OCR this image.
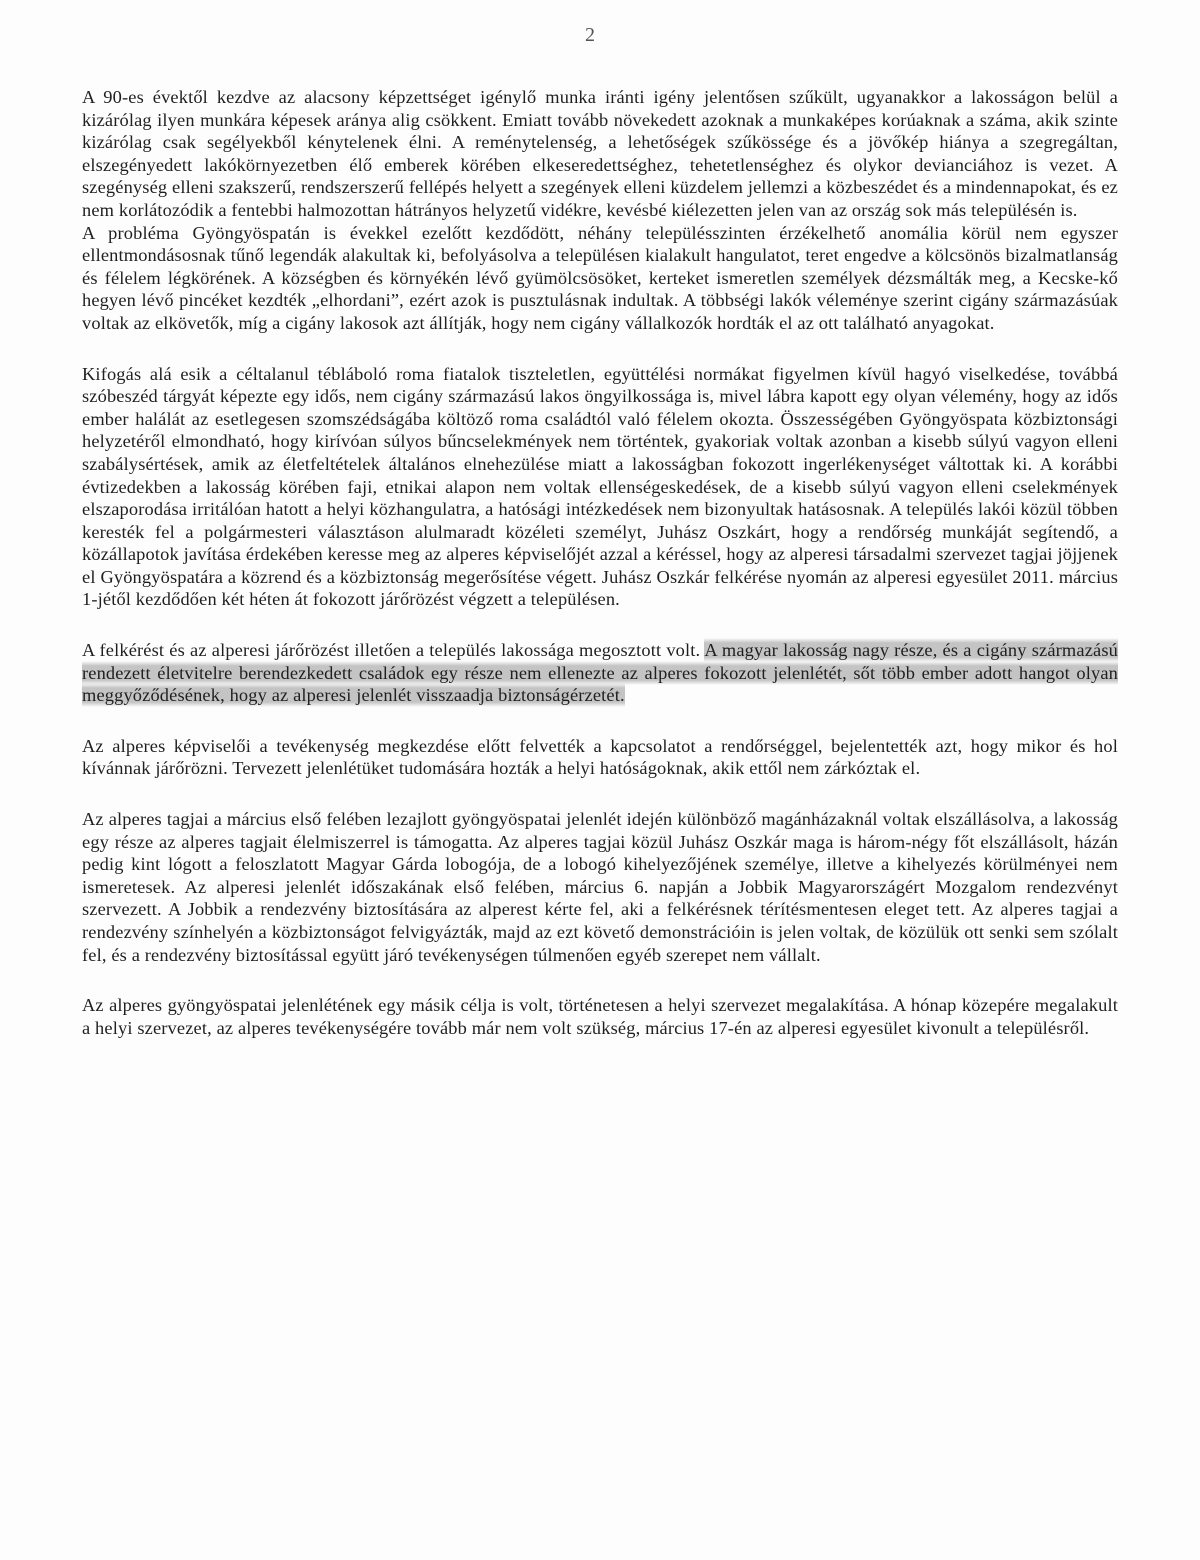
2

A 90-es évektől kezdve az alacsony képzettséget igénylő munka iránti igény jelentősen szűkült, ugyanakkor a lakosságon belül a kizárólag ilyen munkára képesek aránya alig csökkent. Emiatt tovább növekedett azoknak a munkaképes korúaknak a száma, akik szinte kizárólag csak segélyekből kénytelenek élni. A reménytelenség, a lehetőségek szűkössége és a jövőkép hiánya a szegregáltan, elszegényedett lakókörnyezetben élő emberek körében elkeseredettséghez, tehetetlenséghez és olykor devianciához is vezet. A szegénység elleni szakszerű, rendszerszerű fellépés helyett a szegények elleni küzdelem jellemzi a közbeszédet és a mindennapokat, és ez nem korlátozódik a fentebbi halmozottan hátrányos helyzetű vidékre, kevésbé kiélezetten jelen van az ország sok más településén is.

A probléma Gyöngyöspatán is évekkel ezelőtt kezdődött, néhány településszinten érzékelhető anomália körül nem egyszer ellentmondásosnak tűnő legendák alakultak ki, befolyásolva a településen kialakult hangulatot, teret engedve a kölcsönös bizalmatlanság és félelem légkörének. A községben és környékén lévő gyümölcsösöket, kerteket ismeretlen személyek dézsmálták meg, a Kecske-kő hegyen lévő pincéket kezdték „elhordani”, ezért azok is pusztulásnak indultak. A többségi lakók véleménye szerint cigány származásúak voltak az elkövetők, míg a cigány lakosok azt állítják, hogy nem cigány vállalkozók hordták el az ott található anyagokat.

Kifogás alá esik a céltalanul tébláboló roma fiatalok tiszteletlen, együttélési normákat figyelmen kívül hagyó viselkedése, továbbá szóbeszéd tárgyát képezte egy idős, nem cigány származású lakos öngyilkossága is, mivel lábra kapott egy olyan vélemény, hogy az idős ember halálát az esetlegesen szomszédságába költöző roma családtól való félelem okozta. Összességében Gyöngyöspata közbiztonsági helyzetéről elmondható, hogy kirívóan súlyos bűncselekmények nem történtek, gyakoriak voltak azonban a kisebb súlyú vagyon elleni szabálysértések, amik az életfeltételek általános elnehezülése miatt a lakosságban fokozott ingerlékenységet váltottak ki. A korábbi évtizedekben a lakosság körében faji, etnikai alapon nem voltak ellenségeskedések, de a kisebb súlyú vagyon elleni cselekmények elszaporodása irritálóan hatott a helyi közhangulatra, a hatósági intézkedések nem bizonyultak hatásosnak. A település lakói közül többen keresték fel a polgármesteri választáson alulmaradt közéleti személyt, Juhász Oszkárt, hogy a rendőrség munkáját segítendő, a közállapotok javítása érdekében keresse meg az alperes képviselőjét azzal a kéréssel, hogy az alperesi társadalmi szervezet tagjai jöjjenek el Gyöngyöspatára a közrend és a közbiztonság megerősítése végett. Juhász Oszkár felkérése nyomán az alperesi egyesület 2011. március 1-jétől kezdődően két héten át fokozott járőrözést végzett a településen.

A felkérést és az alperesi járőrözést illetően a település lakossága megosztott volt. A magyar lakosság nagy része, és a cigány származású rendezett életvitelre berendezkedett családok egy része nem ellenezte az alperes fokozott jelenlétét, sőt több ember adott hangot olyan meggyőződésének, hogy az alperesi jelenlét visszaadja biztonságérzetét.

Az alperes képviselői a tevékenység megkezdése előtt felvették a kapcsolatot a rendőrséggel, bejelentették azt, hogy mikor és hol kívánnak járőrözni. Tervezett jelenlétüket tudomására hozták a helyi hatóságoknak, akik ettől nem zárkóztak el.

Az alperes tagjai a március első felében lezajlott gyöngyöspatai jelenlét idején különböző magánházaknál voltak elszállásolva, a lakosság egy része az alperes tagjait élelmiszerrel is támogatta. Az alperes tagjai közül Juhász Oszkár maga is három-négy főt elszállásolt, házán pedig kint lógott a feloszlatott Magyar Gárda lobogója, de a lobogó kihelyezőjének személye, illetve a kihelyezés körülményei nem ismeretesek. Az alperesi jelenlét időszakának első felében, március 6. napján a Jobbik Magyarországért Mozgalom rendezvényt szervezett. A Jobbik a rendezvény biztosítására az alperest kérte fel, aki a felkérésnek térítésmentesen eleget tett. Az alperes tagjai a rendezvény színhelyén a közbiztonságot felvigyázták, majd az ezt követő demonstrációin is jelen voltak, de közülük ott senki sem szólalt fel, és a rendezvény biztosítással együtt járó tevékenységen túlmenően egyéb szerepet nem vállalt.

Az alperes gyöngyöspatai jelenlétének egy másik célja is volt, történetesen a helyi szervezet megalakítása. A hónap közepére megalakult a helyi szervezet, az alperes tevékenységére tovább már nem volt szükség, március 17-én az alperesi egyesület kivonult a településről.
